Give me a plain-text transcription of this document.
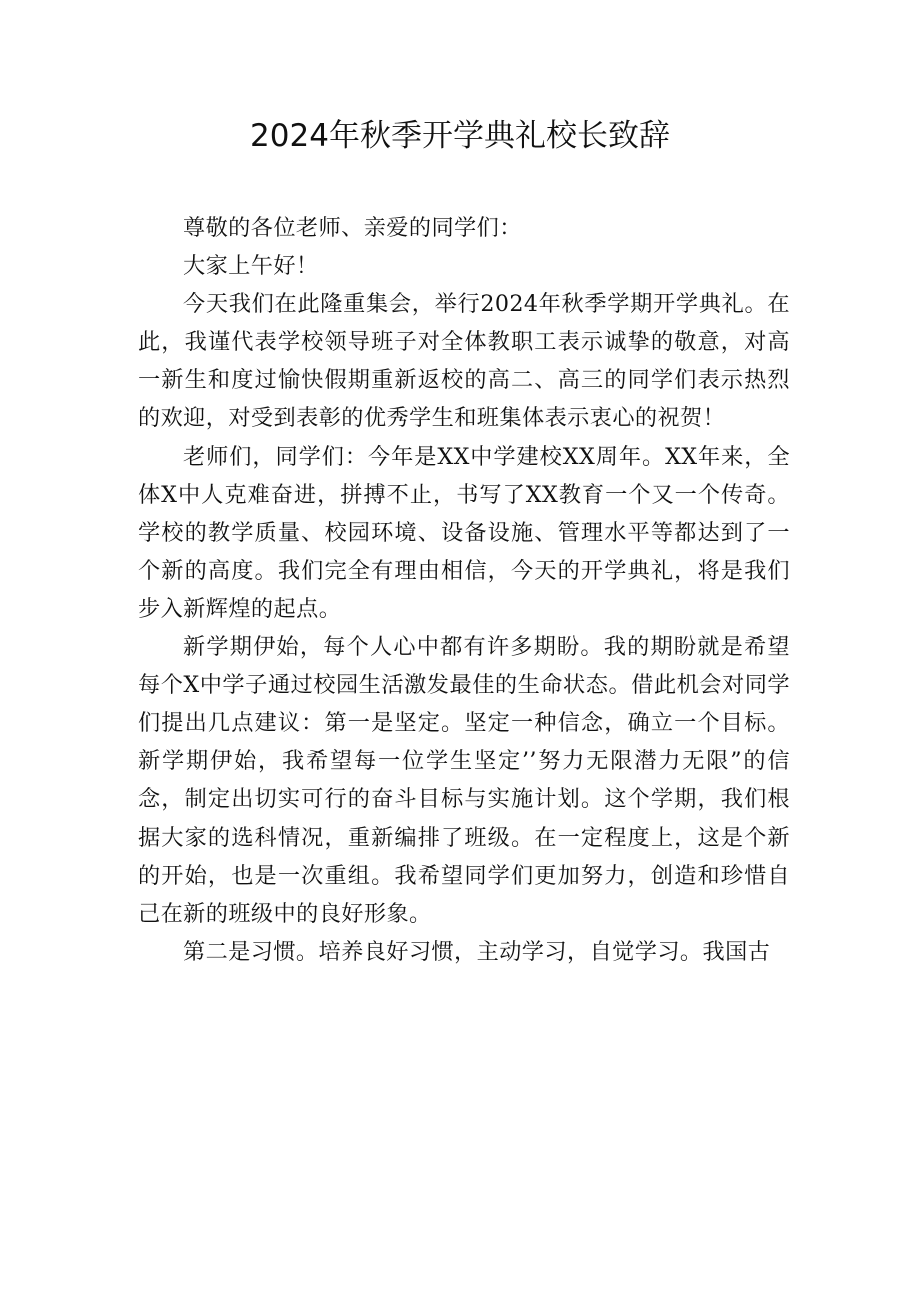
2024年秋季开学典礼校长致辞

尊敬的各位老师、亲爱的同学们：

大家上午好！

今天我们在此隆重集会，举行2024年秋季学期开学典礼。在此，我谨代表学校领导班子对全体教职工表示诚挚的敬意，对高一新生和度过愉快假期重新返校的高二、高三的同学们表示热烈的欢迎，对受到表彰的优秀学生和班集体表示衷心的祝贺！

老师们，同学们：今年是XX中学建校XX周年。XX年来，全体X中人克难奋进，拼搏不止，书写了XX教育一个又一个传奇。学校的教学质量、校园环境、设备设施、管理水平等都达到了一个新的高度。我们完全有理由相信，今天的开学典礼，将是我们步入新辉煌的起点。

新学期伊始，每个人心中都有许多期盼。我的期盼就是希望每个X中学子通过校园生活激发最佳的生命状态。借此机会对同学们提出几点建议：第一是坚定。坚定一种信念，确立一个目标。新学期伊始，我希望每一位学生坚定’’努力无限潜力无限”的信念，制定出切实可行的奋斗目标与实施计划。这个学期，我们根据大家的选科情况，重新编排了班级。在一定程度上，这是个新的开始，也是一次重组。我希望同学们更加努力，创造和珍惜自己在新的班级中的良好形象。

第二是习惯。培养良好习惯，主动学习，自觉学习。我国古
